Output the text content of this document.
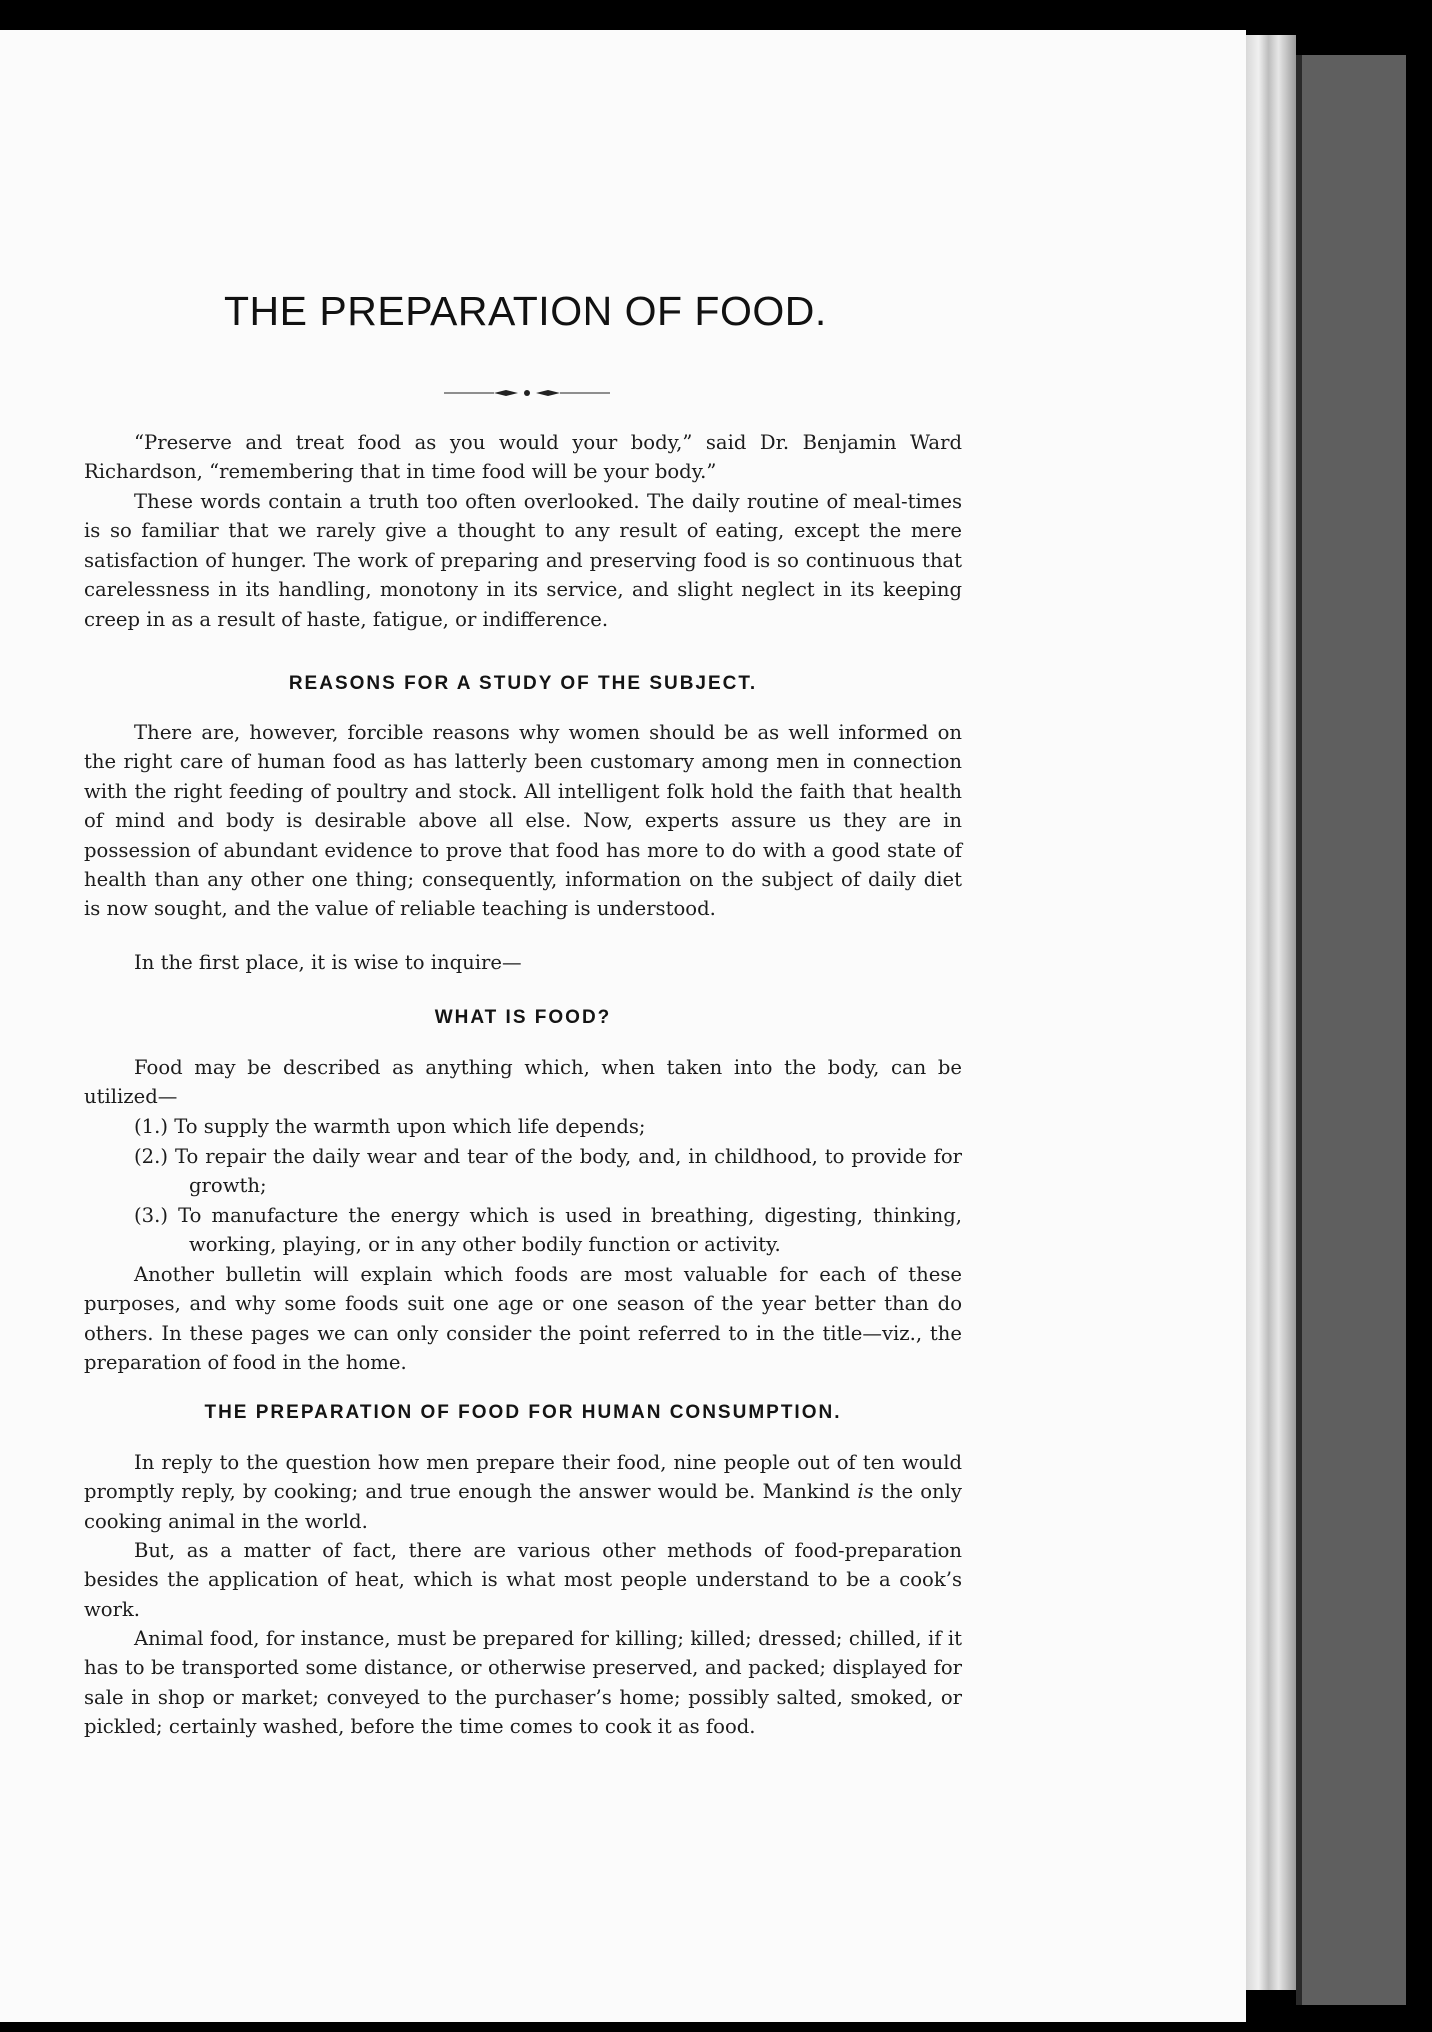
THE PREPARATION OF FOOD.

“Preserve and treat food as you would your body,” said Dr. Benjamin Ward Richardson, “remembering that in time food will be your body.”

These words contain a truth too often overlooked. The daily routine of meal-times is so familiar that we rarely give a thought to any result of eating, except the mere satisfaction of hunger. The work of preparing and preserving food is so continuous that carelessness in its handling, monotony in its service, and slight neglect in its keeping creep in as a result of haste, fatigue, or indifference.

REASONS FOR A STUDY OF THE SUBJECT.

There are, however, forcible reasons why women should be as well informed on the right care of human food as has latterly been customary among men in connection with the right feeding of poultry and stock. All intelligent folk hold the faith that health of mind and body is desirable above all else. Now, experts assure us they are in possession of abundant evidence to prove that food has more to do with a good state of health than any other one thing; consequently, information on the subject of daily diet is now sought, and the value of reliable teaching is understood.

In the first place, it is wise to inquire—

WHAT IS FOOD?

Food may be described as anything which, when taken into the body, can be utilized—

(1.) To supply the warmth upon which life depends;

(2.) To repair the daily wear and tear of the body, and, in childhood, to provide for growth;

(3.) To manufacture the energy which is used in breathing, digesting, thinking, working, playing, or in any other bodily function or activity.

Another bulletin will explain which foods are most valuable for each of these purposes, and why some foods suit one age or one season of the year better than do others. In these pages we can only consider the point referred to in the title—viz., the preparation of food in the home.

THE PREPARATION OF FOOD FOR HUMAN CONSUMPTION.

In reply to the question how men prepare their food, nine people out of ten would promptly reply, by cooking; and true enough the answer would be. Mankind is the only cooking animal in the world.

But, as a matter of fact, there are various other methods of food-preparation besides the application of heat, which is what most people understand to be a cook’s work.

Animal food, for instance, must be prepared for killing; killed; dressed; chilled, if it has to be transported some distance, or otherwise preserved, and packed; displayed for sale in shop or market; conveyed to the purchaser’s home; possibly salted, smoked, or pickled; certainly washed, before the time comes to cook it as food.
